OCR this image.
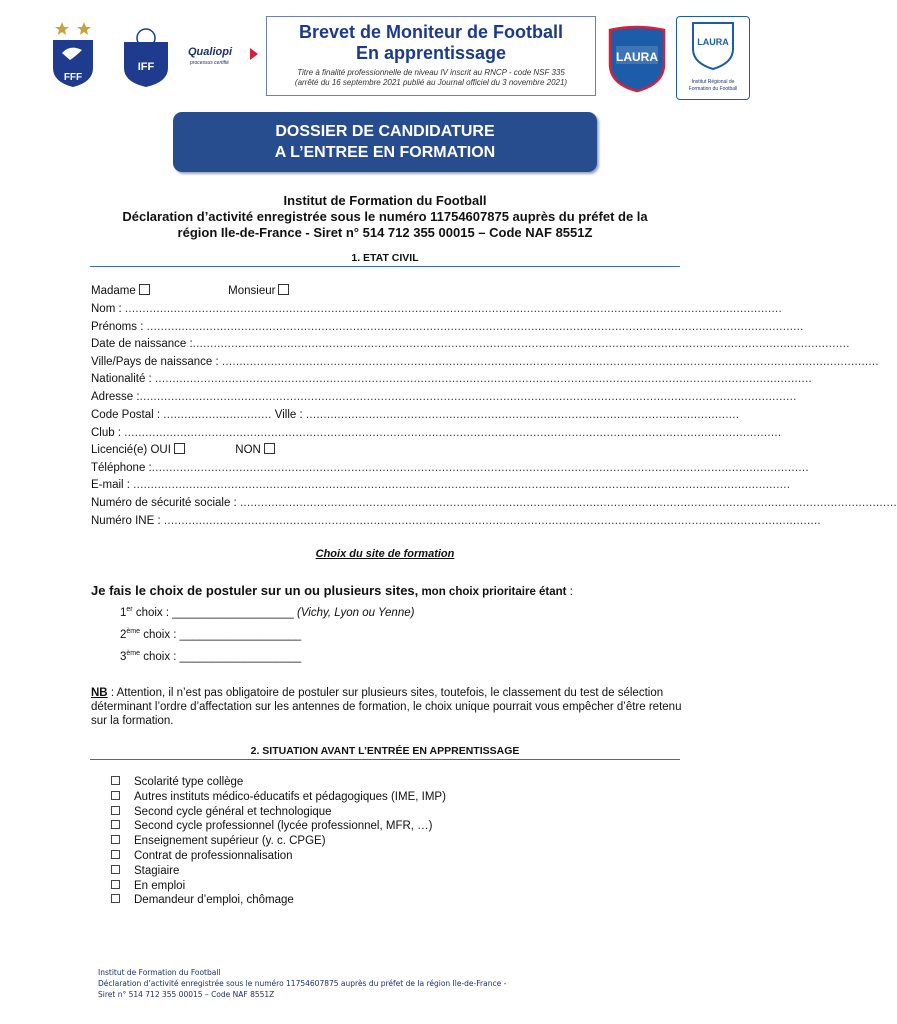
FFF
IFF
Qualiopi
processus certifié	LAURA
LAURA
Institut Régional de Formation du Football
Brevet de Moniteur de Football
En apprentissage
Titre à finalité professionnelle de niveau IV inscrit au RNCP - code NSF 335
(arrêté du 16 septembre 2021 publié au Journal officiel du 3 novembre 2021)
DOSSIER DE CANDIDATURE
A L’ENTREE EN FORMATION
Institut de Formation du Football
Déclaration d’activité enregistrée sous le numéro 11754607875 auprès du préfet de la
région Ile-de-France - Siret n° 514 712 355 00015 – Code NAF 8551Z
1. ETAT CIVIL
Madame	Monsieur
Nom : ............................................................................................................................................................................................
Prénoms : ............................................................................................................................................................................................
Date de naissance :............................................................................................................................................................................................
Ville/Pays de naissance : ............................................................................................................................................................................................
Nationalité : ............................................................................................................................................................................................
Adresse :............................................................................................................................................................................................
Code Postal : ............................... Ville : ............................................................................................................................
Club : ............................................................................................................................................................................................
Licencié(e) OUI	NON
Téléphone :............................................................................................................................................................................................
E-mail : ............................................................................................................................................................................................
Numéro de sécurité sociale : ............................................................................................................................................................................................
Numéro INE : ............................................................................................................................................................................................
Choix du site de formation
Je fais le choix de postuler sur un ou plusieurs sites, mon choix prioritaire étant :
1er choix : ___________________ (Vichy, Lyon ou Yenne)
2ème choix : ___________________
3ème choix : ___________________
NB : Attention, il n’est pas obligatoire de postuler sur plusieurs sites, toutefois, le classement du test de sélection déterminant l’ordre d’affectation sur les antennes de formation, le choix unique pourrait vous empêcher d’être retenu sur la formation.
2. SITUATION AVANT L’ENTRÉE EN APPRENTISSAGE
Scolarité type collège
Autres instituts médico-éducatifs et pédagogiques (IME, IMP)
Second cycle général et technologique
Second cycle professionnel (lycée professionnel, MFR, …)
Enseignement supérieur (y. c. CPGE)
Contrat de professionnalisation
Stagiaire
En emploi
Demandeur d’emploi, chômage
Institut de Formation du Football
Déclaration d’activité enregistrée sous le numéro 11754607875 auprès du préfet de la région Ile-de-France -
Siret n° 514 712 355 00015 – Code NAF 8551Z
